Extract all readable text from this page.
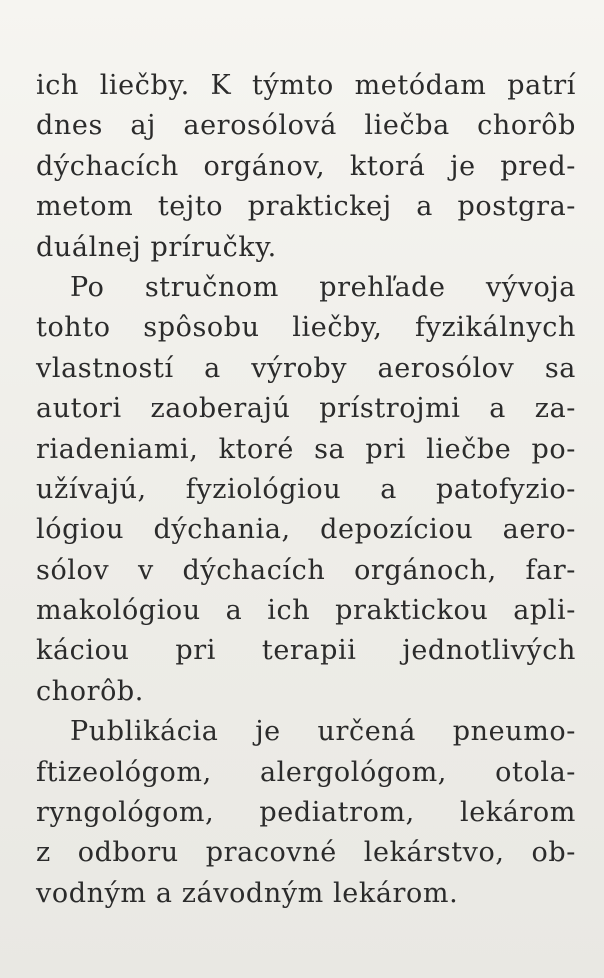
ich liečby. K týmto metódam patrí
dnes aj aerosólová liečba chorôb
dýchacích orgánov, ktorá je pred-
metom tejto praktickej a postgra-
duálnej príručky.
Po stručnom prehľade vývoja
tohto spôsobu liečby, fyzikálnych
vlastností a výroby aerosólov sa
autori zaoberajú prístrojmi a za-
riadeniami, ktoré sa pri liečbe po-
užívajú, fyziológiou a patofyzio-
lógiou dýchania, depozíciou aero-
sólov v dýchacích orgánoch, far-
makológiou a ich praktickou apli-
káciou pri terapii jednotlivých
chorôb.
Publikácia je určená pneumo-
ftizeológom, alergológom, otola-
ryngológom, pediatrom, lekárom
z odboru pracovné lekárstvo, ob-
vodným a závodným lekárom.
